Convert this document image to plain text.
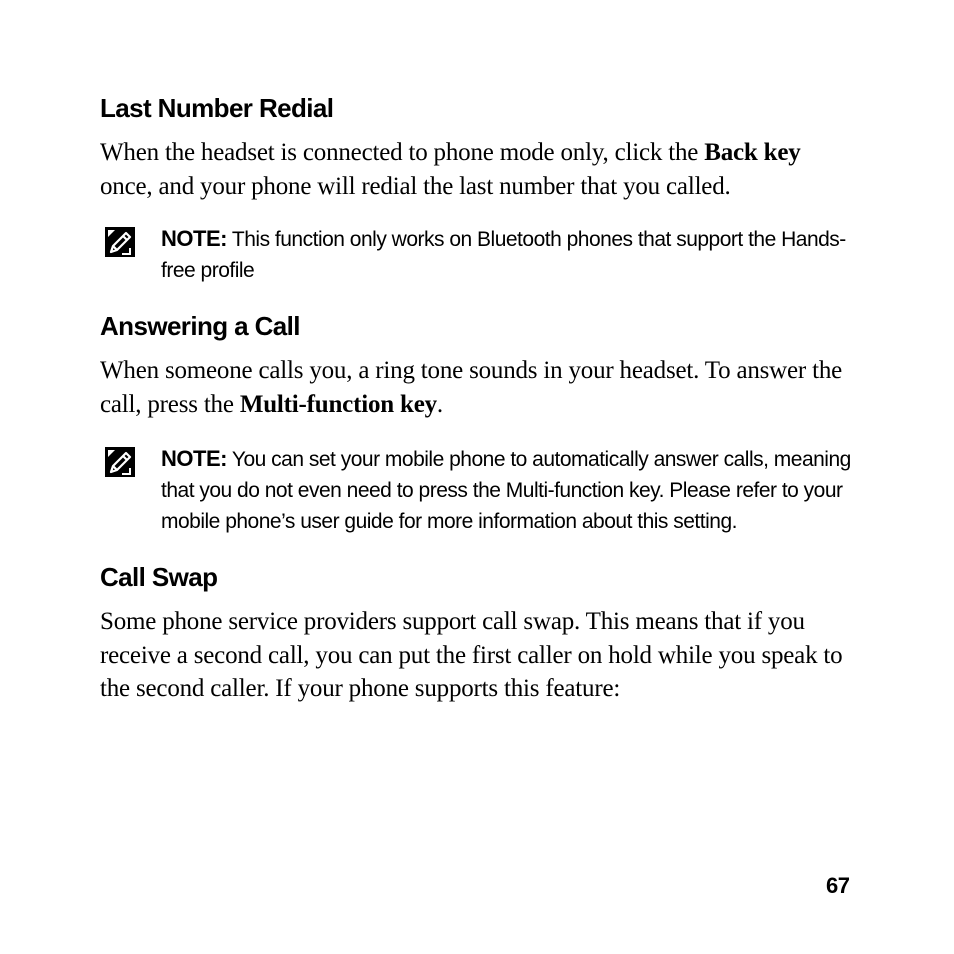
Last Number Redial

When the headset is connected to phone mode only, click the Back key once, and your phone will redial the last number that you called.

NOTE: This function only works on Bluetooth phones that support the Hands-free profile

Answering a Call

When someone calls you, a ring tone sounds in your headset. To answer the call, press the Multi-function key.

NOTE: You can set your mobile phone to automatically answer calls, meaning that you do not even need to press the Multi-function key. Please refer to your mobile phone’s user guide for more information about this setting.

Call Swap

Some phone service providers support call swap. This means that if you receive a second call, you can put the first caller on hold while you speak to the second caller. If your phone supports this feature:

67
